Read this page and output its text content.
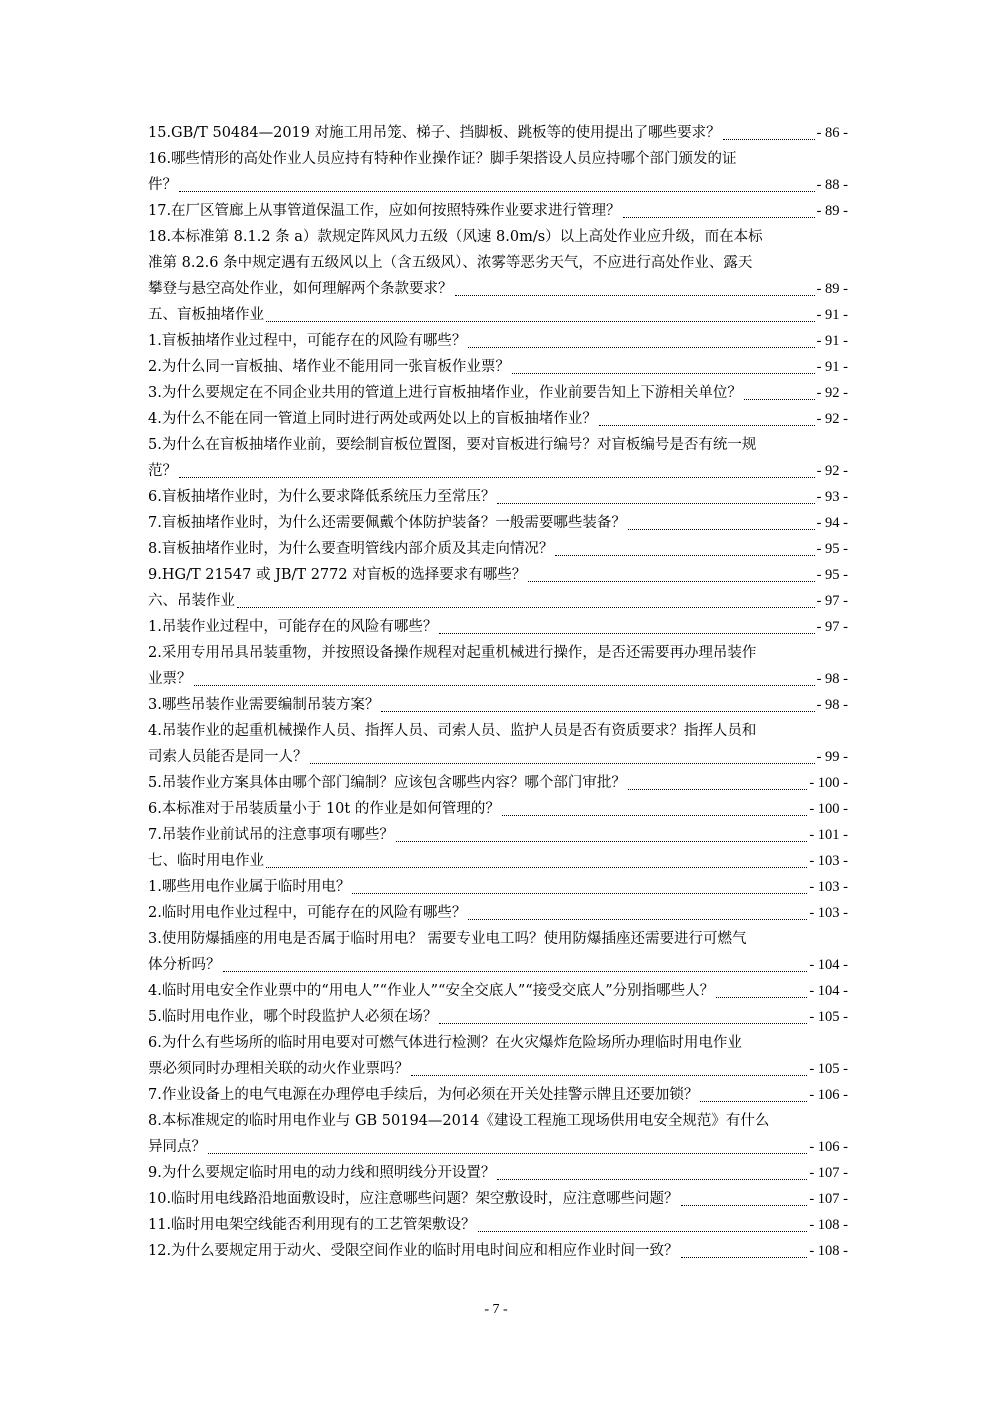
15.GB/T 50484—2019 对施工用吊笼、梯子、挡脚板、跳板等的使用提出了哪些要求？	- 86 -
16.哪些情形的高处作业人员应持有特种作业操作证？脚手架搭设人员应持哪个部门颁发的证
件？	- 88 -
17.在厂区管廊上从事管道保温工作，应如何按照特殊作业要求进行管理？	- 89 -
18.本标准第 8.1.2 条 a）款规定阵风风力五级（风速 8.0m/s）以上高处作业应升级，而在本标
准第 8.2.6 条中规定遇有五级风以上（含五级风）、浓雾等恶劣天气，不应进行高处作业、露天
攀登与悬空高处作业，如何理解两个条款要求？	- 89 -
五、盲板抽堵作业	- 91 -
1.盲板抽堵作业过程中，可能存在的风险有哪些？	- 91 -
2.为什么同一盲板抽、堵作业不能用同一张盲板作业票？	- 91 -
3.为什么要规定在不同企业共用的管道上进行盲板抽堵作业，作业前要告知上下游相关单位？	- 92 -
4.为什么不能在同一管道上同时进行两处或两处以上的盲板抽堵作业？	- 92 -
5.为什么在盲板抽堵作业前，要绘制盲板位置图，要对盲板进行编号？对盲板编号是否有统一规
范？	- 92 -
6.盲板抽堵作业时，为什么要求降低系统压力至常压？	- 93 -
7.盲板抽堵作业时，为什么还需要佩戴个体防护装备？一般需要哪些装备？	- 94 -
8.盲板抽堵作业时，为什么要查明管线内部介质及其走向情况？	- 95 -
9.HG/T 21547 或 JB/T 2772 对盲板的选择要求有哪些？	- 95 -
六、吊装作业	- 97 -
1.吊装作业过程中，可能存在的风险有哪些？	- 97 -
2.采用专用吊具吊装重物，并按照设备操作规程对起重机械进行操作，是否还需要再办理吊装作
业票？	- 98 -
3.哪些吊装作业需要编制吊装方案？	- 98 -
4.吊装作业的起重机械操作人员、指挥人员、司索人员、监护人员是否有资质要求？指挥人员和
司索人员能否是同一人？	- 99 -
5.吊装作业方案具体由哪个部门编制？应该包含哪些内容？哪个部门审批？	- 100 -
6.本标准对于吊装质量小于 10t 的作业是如何管理的？	- 100 -
7.吊装作业前试吊的注意事项有哪些？	- 101 -
七、临时用电作业	- 103 -
1.哪些用电作业属于临时用电？	- 103 -
2.临时用电作业过程中，可能存在的风险有哪些？	- 103 -
3.使用防爆插座的用电是否属于临时用电？ 需要专业电工吗？使用防爆插座还需要进行可燃气
体分析吗？	- 104 -
4.临时用电安全作业票中的“用电人”“作业人”“安全交底人”“接受交底人”分别指哪些人？	- 104 -
5.临时用电作业，哪个时段监护人必须在场？	- 105 -
6.为什么有些场所的临时用电要对可燃气体进行检测？在火灾爆炸危险场所办理临时用电作业
票必须同时办理相关联的动火作业票吗？	- 105 -
7.作业设备上的电气电源在办理停电手续后，为何必须在开关处挂警示牌且还要加锁？	- 106 -
8.本标准规定的临时用电作业与 GB 50194—2014《建设工程施工现场供用电安全规范》有什么
异同点？	- 106 -
9.为什么要规定临时用电的动力线和照明线分开设置？	- 107 -
10.临时用电线路沿地面敷设时，应注意哪些问题？架空敷设时，应注意哪些问题？	- 107 -
11.临时用电架空线能否利用现有的工艺管架敷设？	- 108 -
12.为什么要规定用于动火、受限空间作业的临时用电时间应和相应作业时间一致？	- 108 -
- 7 -
